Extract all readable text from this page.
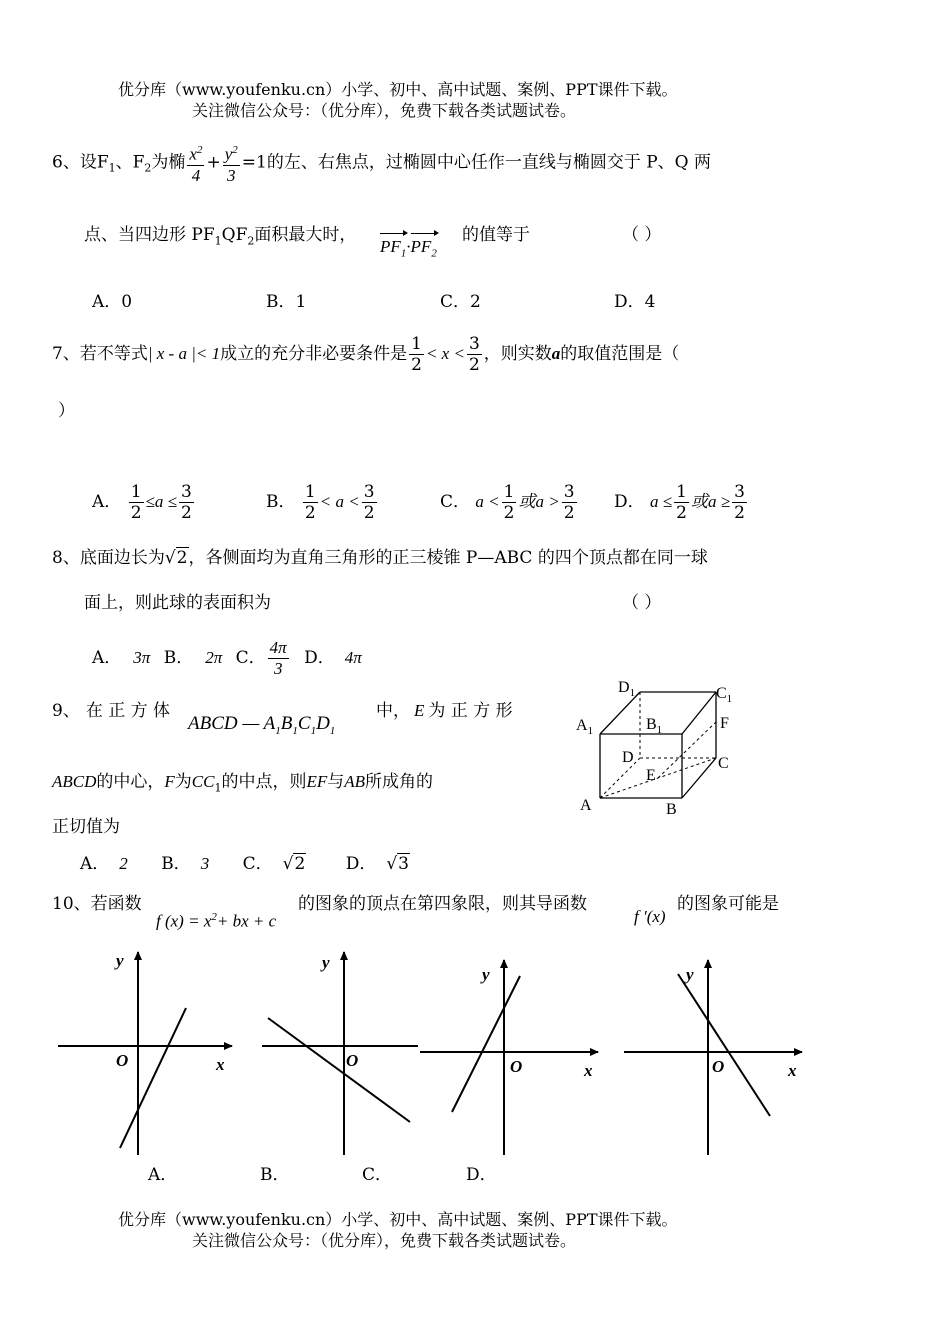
优分库（www.youfenku.cn）小学、初中、高中试题、案例、PPT课件下载。
关注微信公众号：（优分库），免费下载各类试题试卷。
6、设$F_1$、$F_2$为椭 $\frac{x^2}{4} + \frac{y^2}{3} =1$的左、右焦点，过椭圆中心任作一直线与椭圆交于 P、Q 两
点、当四边形 $PF_1QF_2$面积最大时，
$PF_1\cdot PF_2$
的值等于	（ ）
A．0	B．1	C．2	D．4
7、若不等式| x - a |< 1成立的充分非必要条件是 $\frac{1}{2} < x < \frac{3}{2}$ ，则实数a的取值范围是（
）
A． $\frac{1}{2} \le a \le \frac{3}{2}$	B． $\frac{1}{2} < a < \frac{3}{2}$	C． $a < \frac{1}{2}$ 或$a > \frac{3}{2}$ D． $a \le \frac{1}{2}$ 或$a \ge \frac{3}{2}$
8、底面边长为√2，各侧面均为直角三角形的正三棱锥 P—ABC 的四个顶点都在同一球
面上，则此球的表面积为	（ ）
A． 3π B． 2π C． $\frac{4\pi}{3}$ D． 4π
9、 在 正 方 体
ABCD — $A_1B_1C_1D_1$
中， E 为 正 方 形
ABCD的中心，F为$CC_1$的中点，则EF与AB所成角的
正切值为
A． 2 B． 3 C． √2 D． √3
$D_1$	$C_1$
$A_1$	$B_1$	F
D	C
E
A	B
10、若函数
f $(x) = x^2+$ bx + c
的图象的顶点在第四象限，则其导函数
f ′(x)
的图象可能是
y
O	x
y
O
y
O	x
y
O	x
A．	B．	C．	D．
优分库（www.youfenku.cn）小学、初中、高中试题、案例、PPT课件下载。
关注微信公众号：（优分库），免费下载各类试题试卷。
